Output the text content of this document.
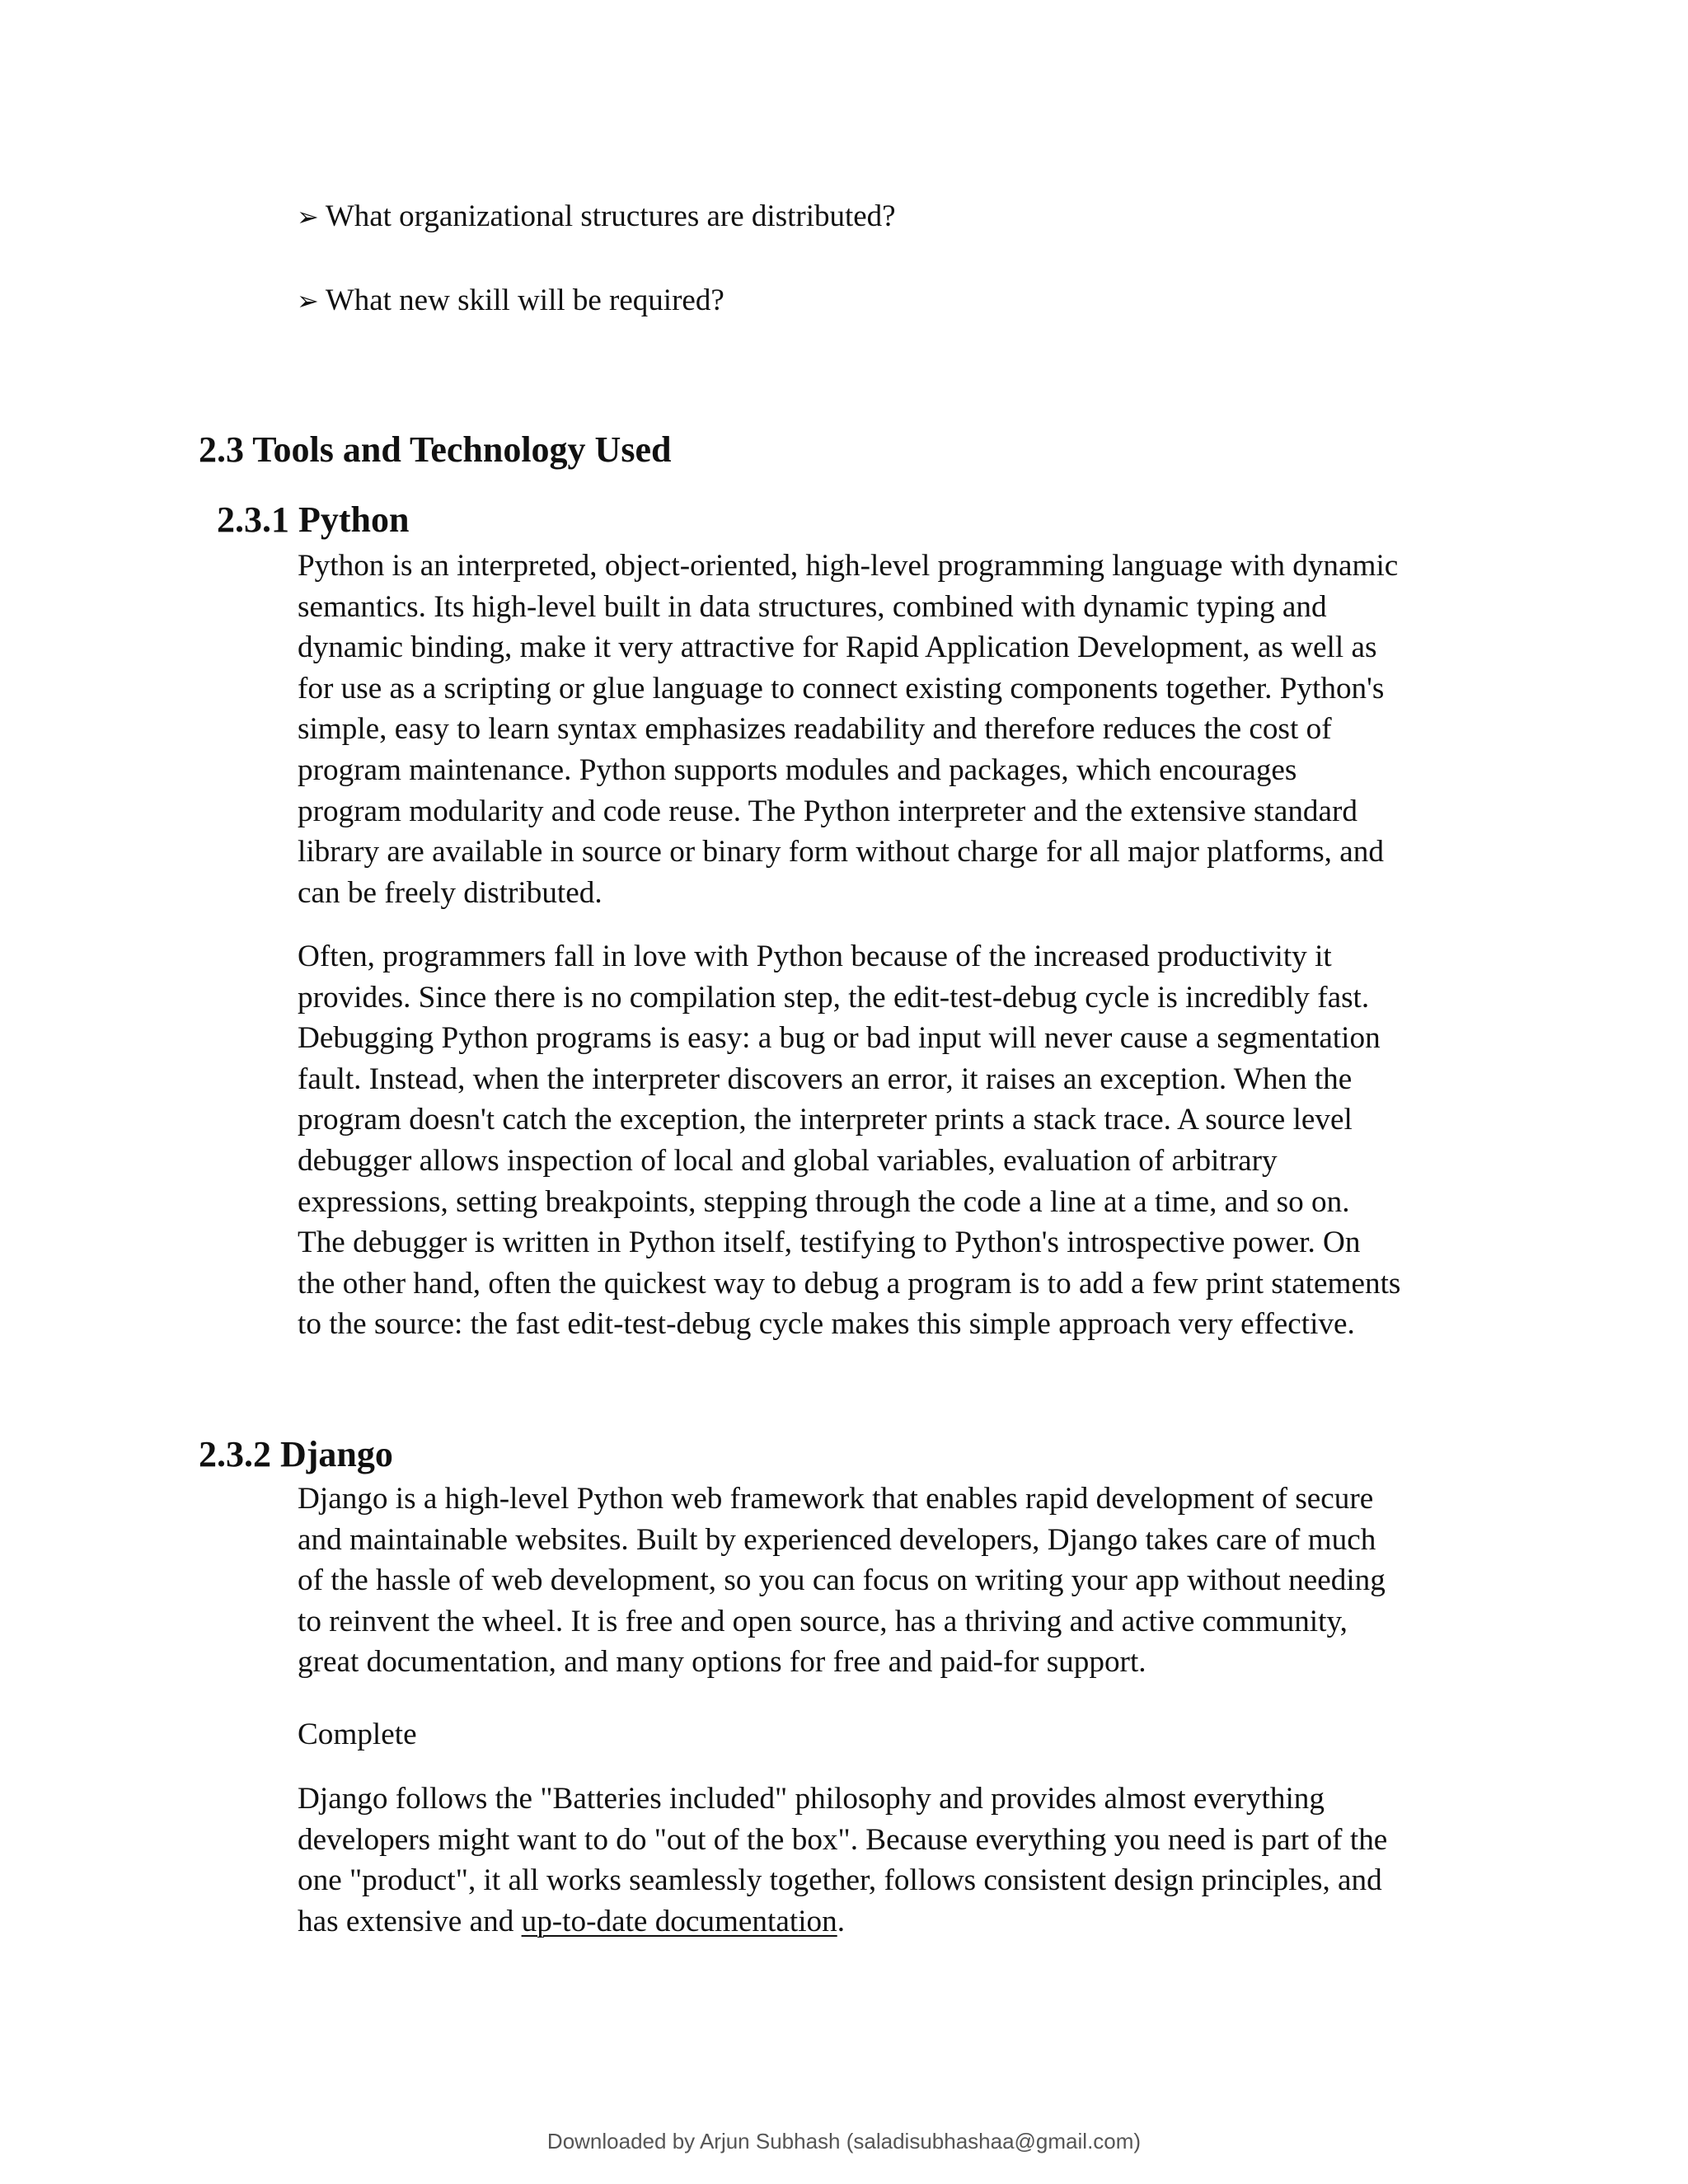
➢ What organizational structures are distributed?
➢ What new skill will be required?
2.3 Tools and Technology Used
2.3.1 Python

Python is an interpreted, object-oriented, high-level programming language with dynamic
semantics. Its high-level built in data structures, combined with dynamic typing and
dynamic binding, make it very attractive for Rapid Application Development, as well as
for use as a scripting or glue language to connect existing components together. Python's
simple, easy to learn syntax emphasizes readability and therefore reduces the cost of
program maintenance. Python supports modules and packages, which encourages
program modularity and code reuse. The Python interpreter and the extensive standard
library are available in source or binary form without charge for all major platforms, and
can be freely distributed.

Often, programmers fall in love with Python because of the increased productivity it
provides. Since there is no compilation step, the edit-test-debug cycle is incredibly fast.
Debugging Python programs is easy: a bug or bad input will never cause a segmentation
fault. Instead, when the interpreter discovers an error, it raises an exception. When the
program doesn't catch the exception, the interpreter prints a stack trace. A source level
debugger allows inspection of local and global variables, evaluation of arbitrary
expressions, setting breakpoints, stepping through the code a line at a time, and so on.
The debugger is written in Python itself, testifying to Python's introspective power. On
the other hand, often the quickest way to debug a program is to add a few print statements
to the source: the fast edit-test-debug cycle makes this simple approach very effective.

2.3.2 Django

Django is a high-level Python web framework that enables rapid development of secure
and maintainable websites. Built by experienced developers, Django takes care of much
of the hassle of web development, so you can focus on writing your app without needing
to reinvent the wheel. It is free and open source, has a thriving and active community,
great documentation, and many options for free and paid-for support.

Complete

Django follows the "Batteries included" philosophy and provides almost everything
developers might want to do "out of the box". Because everything you need is part of the
one "product", it all works seamlessly together, follows consistent design principles, and
has extensive and up-to-date documentation.

Downloaded by Arjun Subhash (saladisubhashaa@gmail.com)
